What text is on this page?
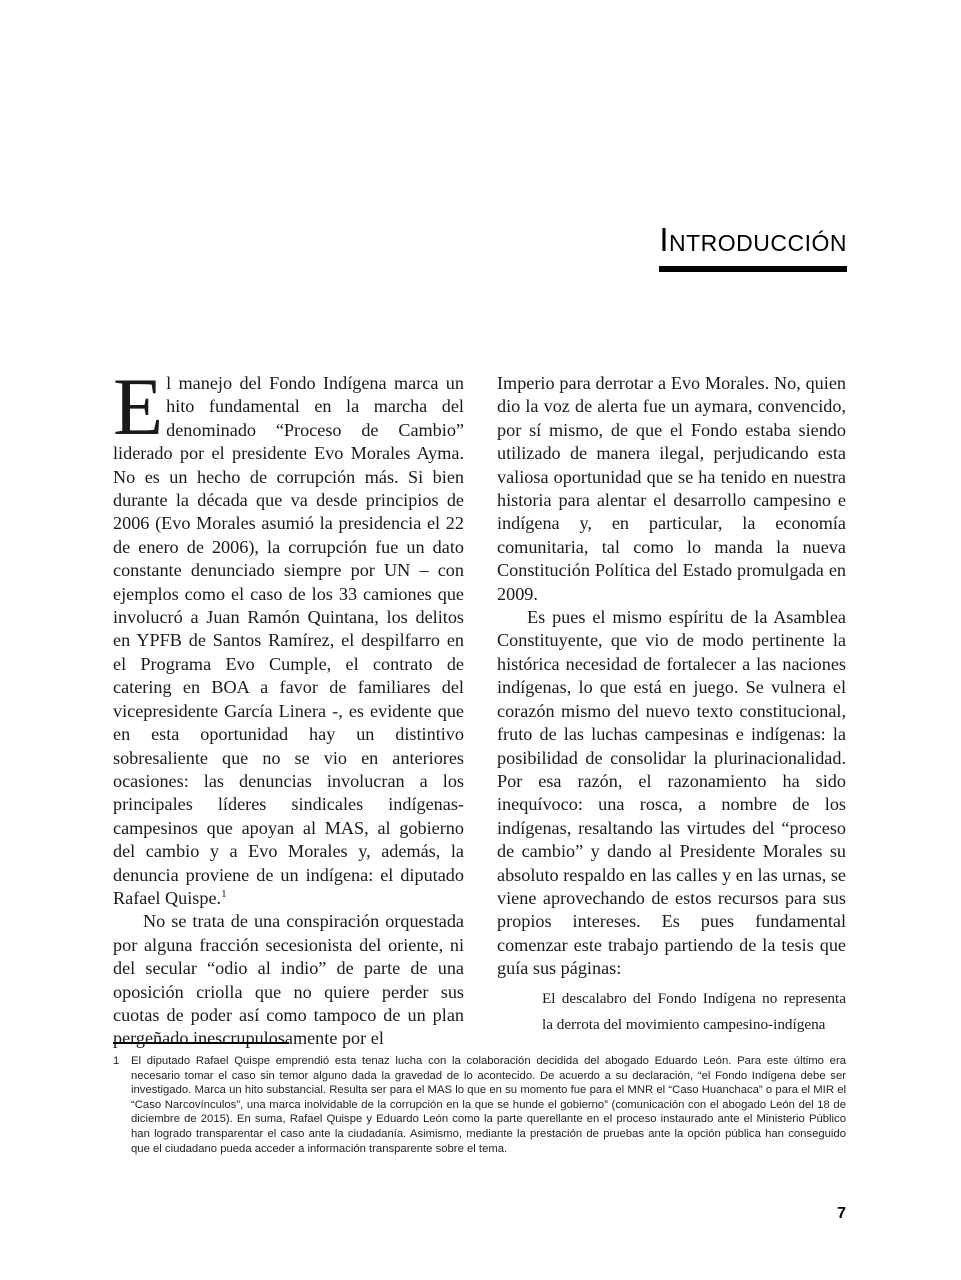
Introducción

El manejo del Fondo Indígena marca un hito fundamental en la marcha del denominado “Proceso de Cambio” liderado por el presidente Evo Morales Ayma. No es un hecho de corrupción más. Si bien durante la década que va desde principios de 2006 (Evo Morales asumió la presidencia el 22 de enero de 2006), la corrupción fue un dato constante denunciado siempre por UN – con ejemplos como el caso de los 33 camiones que involucró a Juan Ramón Quintana, los delitos en YPFB de Santos Ramírez, el despilfarro en el Programa Evo Cumple, el contrato de catering en BOA a favor de familiares del vicepresidente García Linera -, es evidente que en esta oportunidad hay un distintivo sobresaliente que no se vio en anteriores ocasiones: las denuncias involucran a los principales líderes sindicales indígenas-campesinos que apoyan al MAS, al gobierno del cambio y a Evo Morales y, además, la denuncia proviene de un indígena: el diputado Rafael Quispe.$^1$

No se trata de una conspiración orquestada por alguna fracción secesionista del oriente, ni del secular “odio al indio” de parte de una oposición criolla que no quiere perder sus cuotas de poder así como tampoco de un plan pergeñado inescrupulosamente por el

Imperio para derrotar a Evo Morales. No, quien dio la voz de alerta fue un aymara, convencido, por sí mismo, de que el Fondo estaba siendo utilizado de manera ilegal, perjudicando esta valiosa oportunidad que se ha tenido en nuestra historia para alentar el desarrollo campesino e indígena y, en particular, la economía comunitaria, tal como lo manda la nueva Constitución Política del Estado promulgada en 2009.

Es pues el mismo espíritu de la Asamblea Constituyente, que vio de modo pertinente la histórica necesidad de fortalecer a las naciones indígenas, lo que está en juego. Se vulnera el corazón mismo del nuevo texto constitucional, fruto de las luchas campesinas e indígenas: la posibilidad de consolidar la plurinacionalidad. Por esa razón, el razonamiento ha sido inequívoco: una rosca, a nombre de los indígenas, resaltando las virtudes del “proceso de cambio” y dando al Presidente Morales su absoluto respaldo en las calles y en las urnas, se viene aprovechando de estos recursos para sus propios intereses. Es pues fundamental comenzar este trabajo partiendo de la tesis que guía sus páginas:

El descalabro del Fondo Indígena no representa la derrota del movimiento campesino-indígena

1 El diputado Rafael Quispe emprendió esta tenaz lucha con la colaboración decidida del abogado Eduardo León. Para este último era necesario tomar el caso sin temor alguno dada la gravedad de lo acontecido. De acuerdo a su declaración, “el Fondo Indígena debe ser investigado. Marca un hito substancial. Resulta ser para el MAS lo que en su momento fue para el MNR el “Caso Huanchaca” o para el MIR el “Caso Narcovínculos”, una marca inolvidable de la corrupción en la que se hunde el gobierno” (comunicación con el abogado León del 18 de diciembre de 2015). En suma, Rafael Quispe y Eduardo León como la parte querellante en el proceso instaurado ante el Ministerio Público han logrado transparentar el caso ante la ciudadanía. Asimismo, mediante la prestación de pruebas ante la opción pública han conseguido que el ciudadano pueda acceder a información transparente sobre el tema.
7
